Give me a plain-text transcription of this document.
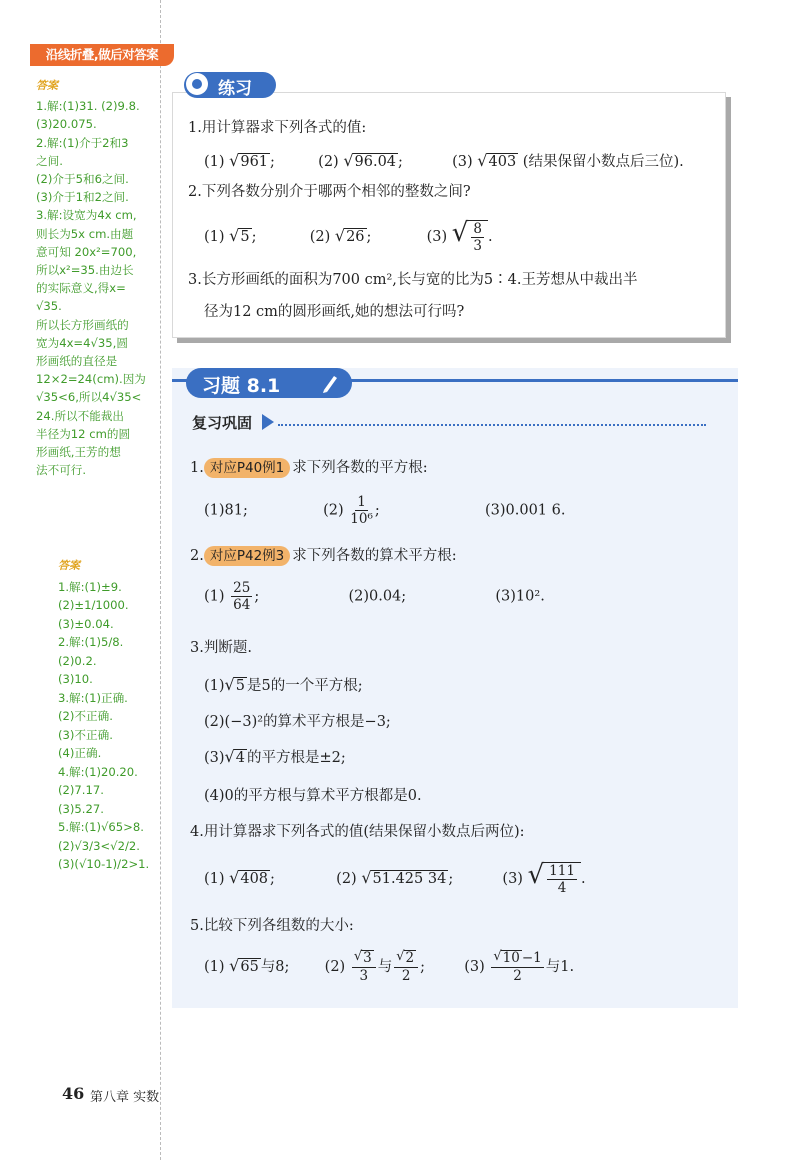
沿线折叠,做后对答案
答案
1.解:(1)31. (2)9.8.
(3)20.075.
2.解:(1)介于2和3
之间.
(2)介于5和6之间.
(3)介于1和2之间.
3.解:设宽为4x cm,
则长为5x cm.由题
意可知 20x²=700,
所以x²=35.由边长
的实际意义,得x=
√35.
所以长方形画纸的
宽为4x=4√35,圆
形画纸的直径是
12×2=24(cm).因为
√35<6,所以4√35<
24.所以不能裁出
半径为12 cm的圆
形画纸,王芳的想
法不可行.
答案
1.解:(1)±9.
(2)±1/1000.
(3)±0.04.
2.解:(1)5/8.
(2)0.2.
(3)10.
3.解:(1)正确.
(2)不正确.
(3)不正确.
(4)正确.
4.解:(1)20.20.
(2)7.17.
(3)5.27.
5.解:(1)√65>8.
(2)√3/3<√2/2.
(3)(√10-1)/2>1.
练习
1.用计算器求下列各式的值:
(1) √ 961 ;	(2) √ 96.04 ;	(3) √ 403 (结果保留小数点后三位).
2.下列各数分别介于哪两个相邻的整数之间?
(1) √ 5 ;	(2) √ 26 ;	(3) √ $\frac{8}{3}$ .
3.长方形画纸的面积为700 cm²,长与宽的比为5∶4.王芳想从中裁出半
径为12 cm的圆形画纸,她的想法可行吗?
习题 8.1
复习巩固
1. 对应P40例1 求下列各数的平方根:
(1)81;	$(2) \frac{1}{\text{10⁶}}$ ;	(3)0.001 6.
2. 对应P42例3 求下列各数的算术平方根:
$(1) \frac{25}{64}$ ;	(2)0.04;	(3)10².
3.判断题.
(1) √ 5 是5的一个平方根;
(2)(−3)²的算术平方根是−3;
(3) √ 4 的平方根是±2;
(4)0的平方根与算术平方根都是0.
4.用计算器求下列各式的值(结果保留小数点后两位):
(1) √ 408 ;	(2) √ 51.425 34 ;	(3) √ $\frac{111}{4}$ .
5.比较下列各组数的大小:
(1) √ 65 与8; $(2) \frac{√ 3}{3}$ 与 $\frac{√ 2}{2}$ ;	$(3) \frac{√ 10 -1}{2}$ 与1.
46 第八章 实数
